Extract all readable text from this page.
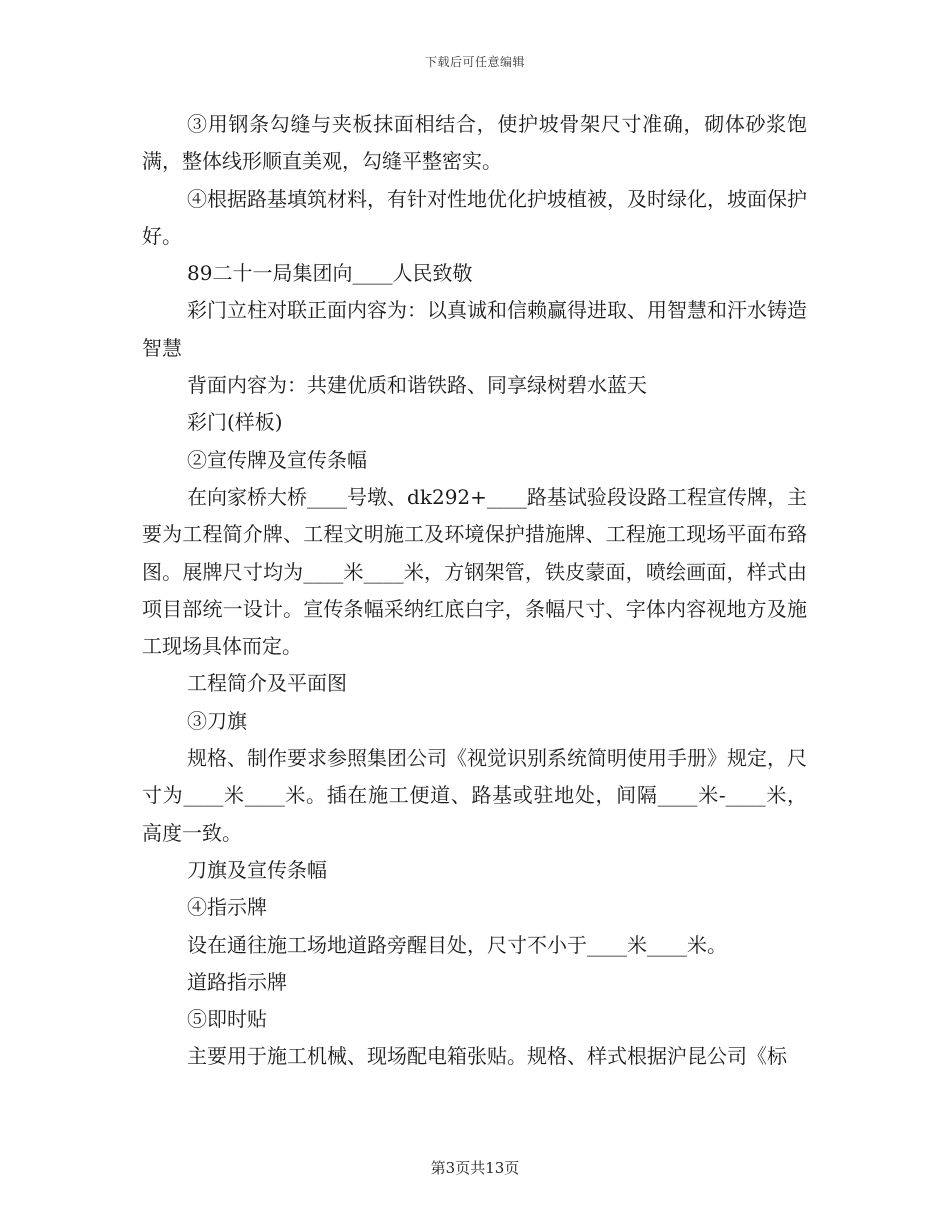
下载后可任意编辑

③用钢条勾缝与夹板抹面相结合，使护坡骨架尺寸准确，砌体砂浆饱满，整体线形顺直美观，勾缝平整密实。

④根据路基填筑材料，有针对性地优化护坡植被，及时绿化，坡面保护好。

89二十一局集团向____人民致敬

彩门立柱对联正面内容为：以真诚和信赖赢得进取、用智慧和汗水铸造智慧

背面内容为：共建优质和谐铁路、同享绿树碧水蓝天

彩门(样板)

②宣传牌及宣传条幅

在向家桥大桥____号墩、dk292+____路基试验段设路工程宣传牌，主要为工程简介牌、工程文明施工及环境保护措施牌、工程施工现场平面布臵图。展牌尺寸均为____米____米，方钢架管，铁皮蒙面，喷绘画面，样式由项目部统一设计。宣传条幅采纳红底白字，条幅尺寸、字体内容视地方及施工现场具体而定。

工程简介及平面图

③刀旗

规格、制作要求参照集团公司《视觉识别系统简明使用手册》规定，尺寸为____米____米。插在施工便道、路基或驻地处，间隔____米-____米，高度一致。

刀旗及宣传条幅

④指示牌

设在通往施工场地道路旁醒目处，尺寸不小于____米____米。

道路指示牌

⑤即时贴

主要用于施工机械、现场配电箱张贴。规格、样式根据沪昆公司《标

第3页共13页
